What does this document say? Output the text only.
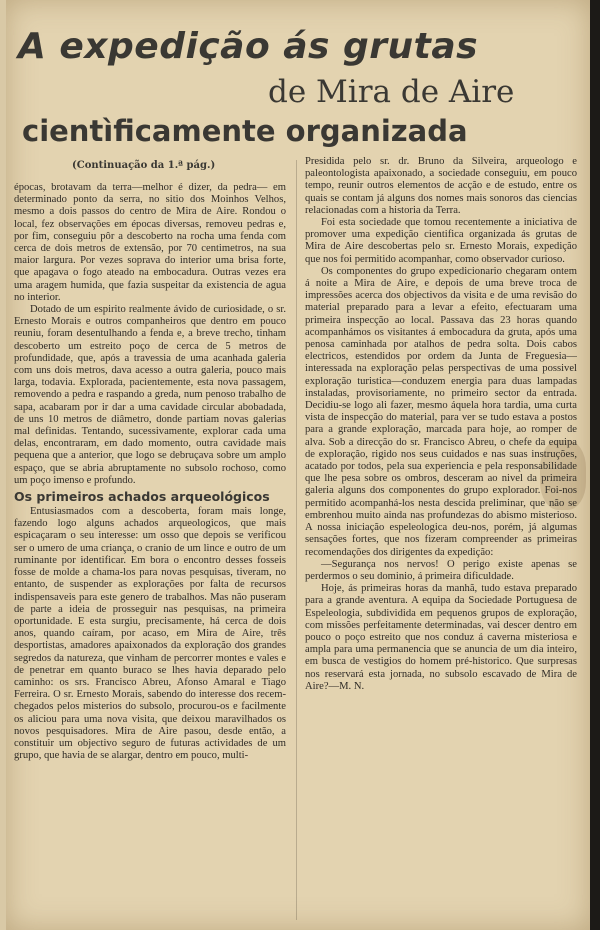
A expedição ás grutas
de Mira de Aire
cientìficamente organizada
(Continuação da 1.ª pág.)

épocas, brotavam da terra—melhor é dizer, da pedra— em determinado ponto da serra, no sitio dos Moinhos Velhos, mesmo a dois passos do centro de Mira de Aire. Rondou o local, fez observações em épocas diversas, removeu pedras e, por fim, conseguiu pôr a descoberto na rocha uma fenda com cerca de dois metros de extensão, por 70 centimetros, na sua maior largura. Por vezes soprava do interior uma brisa forte, que apagava o fogo ateado na embocadura. Outras vezes era uma aragem humida, que fazia suspeitar da existencia de agua no interior.

Dotado de um espirito realmente ávido de curiosidade, o sr. Ernesto Morais e outros companheiros que dentro em pouco reuniu, foram desentulhando a fenda e, a breve trecho, tinham descoberto um estreito poço de cerca de 5 metros de profundidade, que, após a travessia de uma acanhada galeria com uns dois metros, dava acesso a outra galeria, pouco mais larga, todavia. Explorada, pacientemente, esta nova passagem, removendo a pedra e raspando a greda, num penoso trabalho de sapa, acabaram por ir dar a uma cavidade circular abobadada, de uns 10 metros de diâmetro, donde partiam novas galerias mal definidas. Tentando, sucessivamente, explorar cada uma delas, encontraram, em dado momento, outra cavidade mais pequena que a anterior, que logo se debruçava sobre um amplo espaço, que se abria abruptamente no subsolo rochoso, como um poço imenso e profundo.

Os primeiros achados arqueológicos

Entusiasmados com a descoberta, foram mais longe, fazendo logo alguns achados arqueologicos, que mais espicaçaram o seu interesse: um osso que depois se verificou ser o umero de uma criança, o cranio de um lince e outro de um ruminante por identificar. Em bora o encontro desses fosseis fosse de molde a chama-los para novas pesquisas, tiveram, no entanto, de suspender as explorações por falta de recursos indispensaveis para este genero de trabalhos. Mas não puseram de parte a ideia de prosseguir nas pesquisas, na primeira oportunidade. E esta surgiu, precisamente, há cerca de dois anos, quando caíram, por acaso, em Mira de Aire, três desportistas, amadores apaixonados da exploração dos grandes segredos da natureza, que vinham de percorrer montes e vales e de penetrar em quanto buraco se lhes havia deparado pelo caminho: os srs. Francisco Abreu, Afonso Amaral e Tiago Ferreira. O sr. Ernesto Morais, sabendo do interesse dos recem-chegados pelos misterios do subsolo, procurou-os e facilmente os aliciou para uma nova visita, que deixou maravilhados os novos pesquisadores. Mira de Aire pasou, desde então, a constituir um objectivo seguro de futuras actividades de um grupo, que havia de se alargar, dentro em pouco, multi-

Presidida pelo sr. dr. Bruno da Silveira, arqueologo e paleontologista apaixonado, a sociedade conseguiu, em pouco tempo, reunir outros elementos de acção e de estudo, entre os quais se contam já alguns dos nomes mais sonoros das ciencias relacionadas com a historia da Terra.

Foi esta sociedade que tomou recentemente a iniciativa de promover uma expedição cientifica organizada ás grutas de Mira de Aire descobertas pelo sr. Ernesto Morais, expedição que nos foi permitido acompanhar, como observador curioso.

Os componentes do grupo expedicionario chegaram ontem á noite a Mira de Aire, e depois de uma breve troca de impressões acerca dos objectivos da visita e de uma revisão do material preparado para a levar a efeito, efectuaram uma primeira inspecção ao local. Passava das 23 horas quando acompanhámos os visitantes á embocadura da gruta, após uma penosa caminhada por atalhos de pedra solta. Dois cabos electricos, estendidos por ordem da Junta de Freguesia—interessada na exploração pelas perspectivas de uma possivel exploração turistica—conduzem energia para duas lampadas instaladas, provisoriamente, no primeiro sector da entrada. Decidiu-se logo ali fazer, mesmo áquela hora tardia, uma curta vista de inspecção do material, para ver se tudo estava a postos para a grande exploração, marcada para hoje, ao romper de alva. Sob a direcção do sr. Francisco Abreu, o chefe da equipa de exploração, rigido nos seus cuidados e nas suas instruções, acatado por todos, pela sua experiencia e pela responsabilidade que lhe pesa sobre os ombros, desceram ao nivel da primeira galeria alguns dos componentes do grupo explorador. Foi-nos permitido acompanhá-los nesta descida preliminar, que não se embrenhou muito ainda nas profundezas do abismo misterioso. A nossa iniciação espeleologica deu-nos, porém, já algumas sensações fortes, que nos fizeram compreender as primeiras recomendações dos dirigentes da expedição:

—Segurança nos nervos! O perigo existe apenas se perdermos o seu dominio, á primeira dificuldade.

Hoje, ás primeiras horas da manhã, tudo estava preparado para a grande aventura. A equipa da Sociedade Portuguesa de Espeleologia, subdividida em pequenos grupos de exploração, com missões perfeitamente determinadas, vai descer dentro em pouco o poço estreito que nos conduz á caverna misteriosa e ampla para uma permanencia que se anuncia de um dia inteiro, em busca de vestigios do homem pré-historico. Que surpresas nos reservará esta jornada, no subsolo escavado de Mira de Aire?—M. N.
